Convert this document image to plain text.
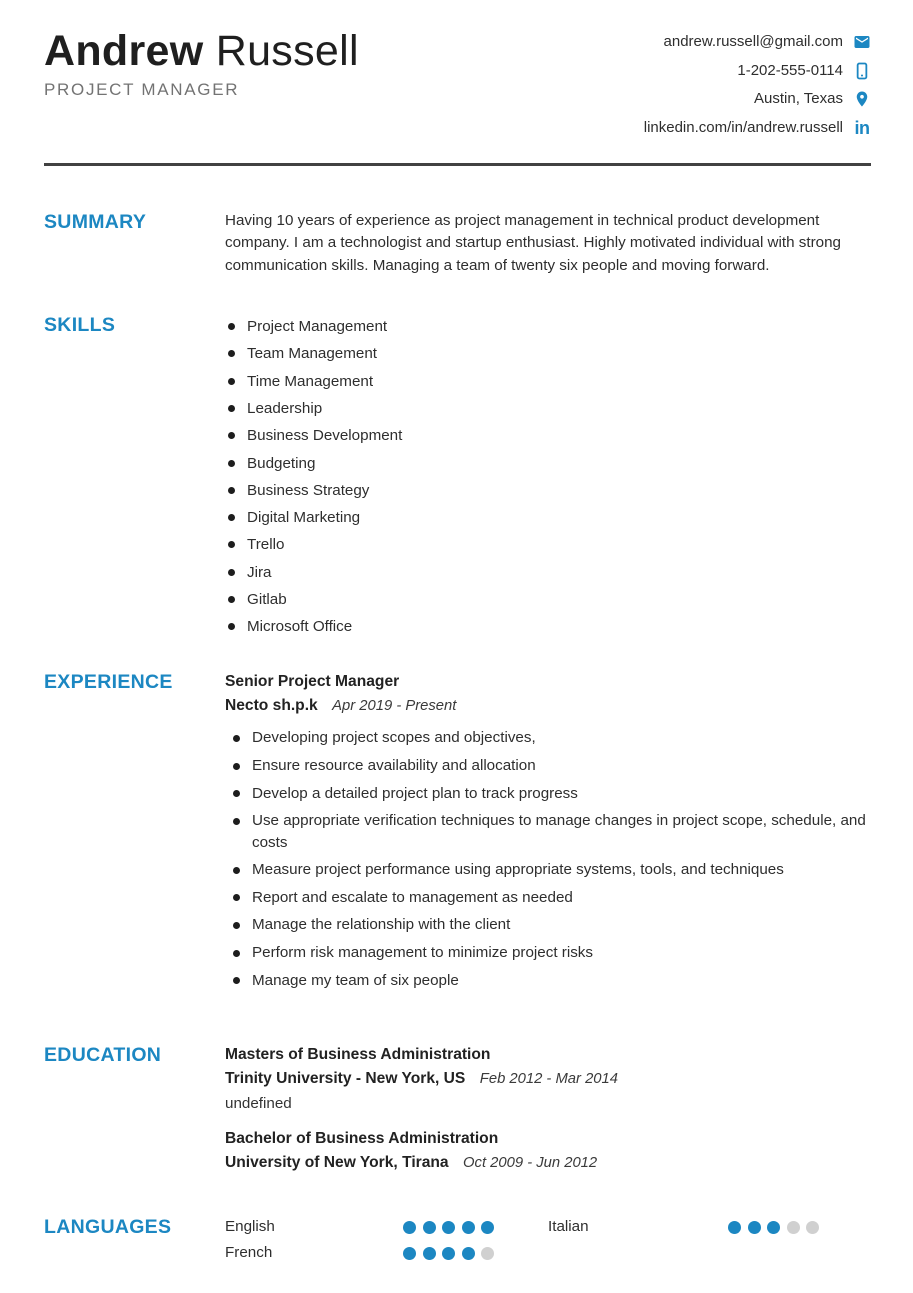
Andrew Russell
PROJECT MANAGER
andrew.russell@gmail.com
1-202-555-0114
Austin, Texas
linkedin.com/in/andrew.russell in
SUMMARY	Having 10 years of experience as project management in technical product development company. I am a technologist and startup enthusiast. Highly motivated individual with strong communication skills. Managing a team of twenty six people and moving forward.

SKILLS	Project Management
Team Management
Time Management
Leadership
Business Development
Budgeting
Business Strategy
Digital Marketing
Trello
Jira
Gitlab
Microsoft Office
EXPERIENCE	Senior Project Manager
Necto sh.p.k Apr 2019 - Present
Developing project scopes and objectives,
Ensure resource availability and allocation
Develop a detailed project plan to track progress
Use appropriate verification techniques to manage changes in project scope, schedule, and costs
Measure project performance using appropriate systems, tools, and techniques
Report and escalate to management as needed
Manage the relationship with the client
Perform risk management to minimize project risks
Manage my team of six people
EDUCATION	Masters of Business Administration
Trinity University - New York, US Feb 2012 - Mar 2014
undefined
Bachelor of Business Administration
University of New York, Tirana Oct 2009 - Jun 2012
LANGUAGES	English	Italian
French
